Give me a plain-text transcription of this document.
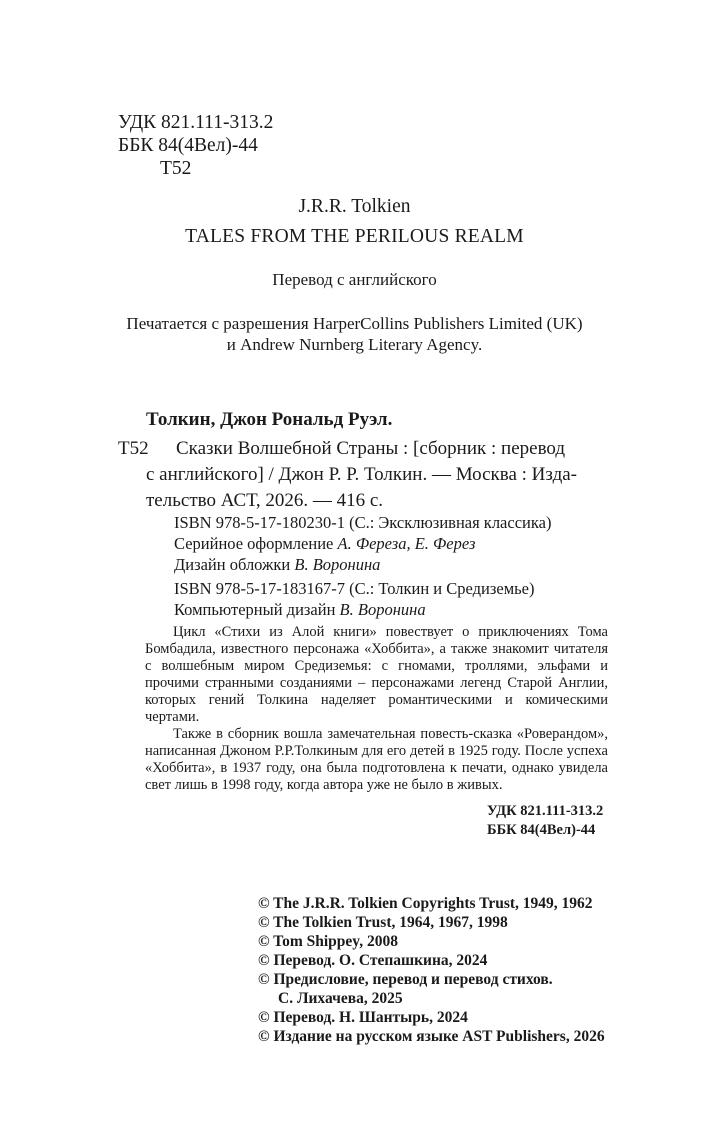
УДК 821.111-313.2
ББК 84(4Вел)-44
Т52
J.R.R. Tolkien
TALES FROM THE PERILOUS REALM
Перевод с английского
Печатается с разрешения HarperCollins Publishers Limited (UK)
и Andrew Nurnberg Literary Agency.
Толкин, Джон Рональд Руэл.
Т52 Сказки Волшебной Страны : [сборник : перевод
с английского] / Джон Р. Р. Толкин. — Москва : Изда-
тельство АСТ, 2026. — 416 с.
ISBN 978-5-17-180230-1 (С.: Эксклюзивная классика)
Серийное оформление А. Фереза, Е. Ферез
Дизайн обложки В. Воронина
ISBN 978-5-17-183167-7 (С.: Толкин и Средиземье)
Компьютерный дизайн В. Воронина

Цикл «Стихи из Алой книги» повествует о приключениях Тома Бомбадила, известного персонажа «Хоббита», а также знакомит читателя с волшебным миром Средиземья: с гномами, троллями, эльфами и прочими странными созданиями – персонажами легенд Старой Англии, которых гений Толкина наделяет романтическими и комическими чертами.

Также в сборник вошла замечательная повесть-сказка «Роверандом», написанная Джоном Р.Р.Толкиным для его детей в 1925 году. После успеха «Хоббита», в 1937 году, она была подготовлена к печати, однако увидела свет лишь в 1998 году, когда автора уже не было в живых.

УДК 821.111-313.2
ББК 84(4Вел)-44
© The J.R.R. Tolkien Copyrights Trust, 1949, 1962
© The Tolkien Trust, 1964, 1967, 1998
© Tom Shippey, 2008
© Перевод. О. Степашкина, 2024
© Предисловие, перевод и перевод стихов.
С. Лихачева, 2025
© Перевод. Н. Шантырь, 2024
© Издание на русском языке AST Publishers, 2026
